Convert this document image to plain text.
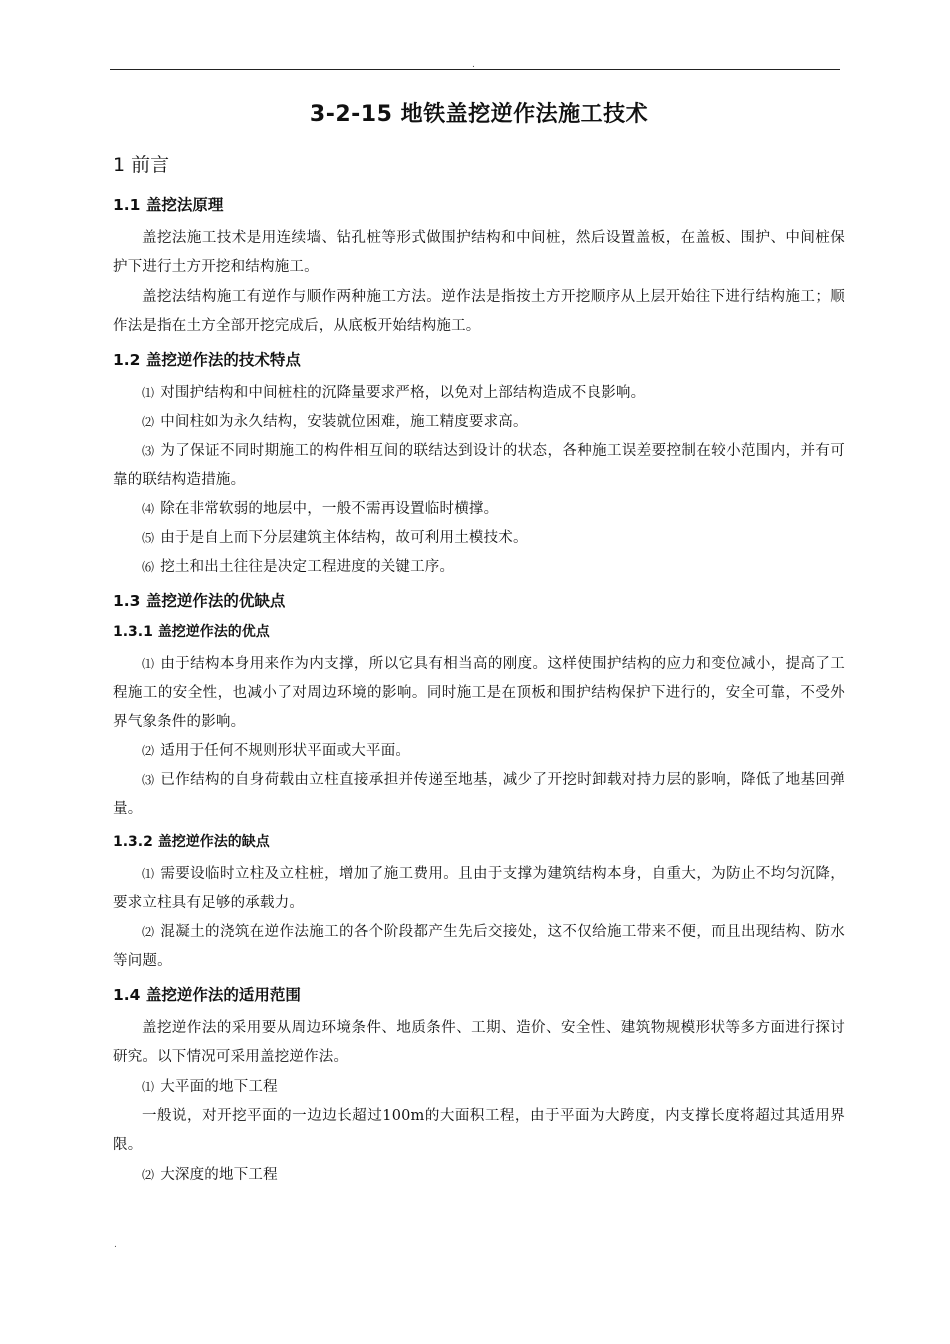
.
3-2-15 地铁盖挖逆作法施工技术
1 前言
1.1 盖挖法原理

盖挖法施工技术是用连续墙、钻孔桩等形式做围护结构和中间桩，然后设置盖板，在盖板、围护、中间桩保护下进行土方开挖和结构施工。

盖挖法结构施工有逆作与顺作两种施工方法。逆作法是指按土方开挖顺序从上层开始往下进行结构施工；顺作法是指在土方全部开挖完成后，从底板开始结构施工。

1.2 盖挖逆作法的技术特点

⑴ 对围护结构和中间桩柱的沉降量要求严格，以免对上部结构造成不良影响。

⑵ 中间柱如为永久结构，安装就位困难，施工精度要求高。

⑶ 为了保证不同时期施工的构件相互间的联结达到设计的状态，各种施工误差要控制在较小范围内，并有可靠的联结构造措施。

⑷ 除在非常软弱的地层中，一般不需再设置临时横撑。

⑸ 由于是自上而下分层建筑主体结构，故可利用土模技术。

⑹ 挖土和出土往往是决定工程进度的关键工序。

1.3 盖挖逆作法的优缺点
1.3.1 盖挖逆作法的优点

⑴ 由于结构本身用来作为内支撑，所以它具有相当高的刚度。这样使围护结构的应力和变位减小，提高了工程施工的安全性，也减小了对周边环境的影响。同时施工是在顶板和围护结构保护下进行的，安全可靠，不受外界气象条件的影响。

⑵ 适用于任何不规则形状平面或大平面。

⑶ 已作结构的自身荷载由立柱直接承担并传递至地基，减少了开挖时卸载对持力层的影响，降低了地基回弹量。

1.3.2 盖挖逆作法的缺点

⑴ 需要设临时立柱及立柱桩，增加了施工费用。且由于支撑为建筑结构本身，自重大，为防止不均匀沉降，要求立柱具有足够的承载力。

⑵ 混凝土的浇筑在逆作法施工的各个阶段都产生先后交接处，这不仅给施工带来不便，而且出现结构、防水等问题。

1.4 盖挖逆作法的适用范围

盖挖逆作法的采用要从周边环境条件、地质条件、工期、造价、安全性、建筑物规模形状等多方面进行探讨研究。以下情况可采用盖挖逆作法。

⑴ 大平面的地下工程

一般说，对开挖平面的一边边长超过100m的大面积工程，由于平面为大跨度，内支撑长度将超过其适用界限。

⑵ 大深度的地下工程

.
